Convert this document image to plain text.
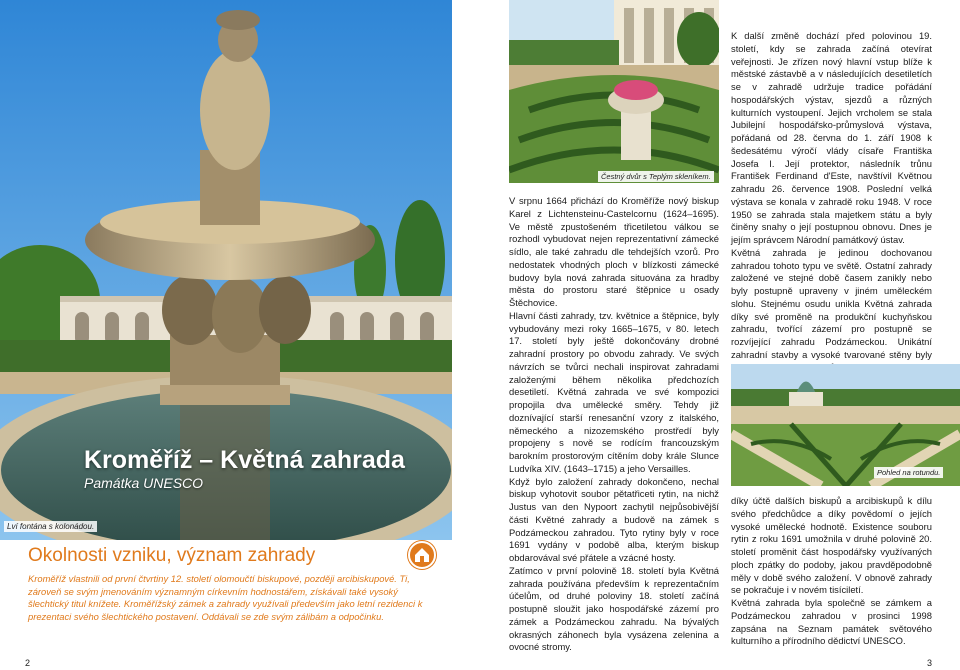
Kroměříž – Květná zahrada
Památka UNESCO
Lví fontána s kolonádou.
Okolnosti vzniku, význam zahrady
Kroměříž vlastnili od první čtvrtiny 12. století olomoučtí biskupové, později arcibiskupové. Ti, zároveň se svým jmenováním významným církevním hodnostářem, získávali také vysoký šlechtický titul knížete. Kroměřížský zámek a zahrady využívali především jako letní rezidenci k prezentaci svého šlechtického postavení. Oddávali se zde svým zálibám a odpočinku.
2
Čestný dvůr s Teplým skleníkem.

V srpnu 1664 přichází do Kroměříže nový biskup Karel z Lichtensteinu-Castelcornu (1624–1695). Ve městě zpustošeném třicetiletou válkou se rozhodl vybudovat nejen reprezentativní zámecké sídlo, ale také zahradu dle tehdejších vzorů. Pro nedostatek vhodných ploch v blízkosti zámecké budovy byla nová zahrada situována za hradby města do prostoru staré štěpnice u osady Štěchovice.

Hlavní části zahrady, tzv. květnice a štěpnice, byly vybudovány mezi roky 1665–1675, v 80. letech 17. století byly ještě dokončovány drobné zahradní prostory po obvodu zahrady. Ve svých návrzích se tvůrci nechali inspirovat zahradami založenými během několika předchozích desetiletí. Květná zahrada ve své kompozici propojila dva umělecké směry. Tehdy již doznívající starší renesanční vzory z italského, německého a nizozemského prostředí byly propojeny s nově se rodícím francouzským barokním prostorovým cítěním doby krále Slunce Ludvíka XIV. (1643–1715) a jeho Versailles.

Když bylo založení zahrady dokončeno, nechal biskup vyhotovit soubor pětatřiceti rytin, na nichž Justus van den Nypoort zachytil nejpůsobivější části Květné zahrady a budově na zámek s Podzámeckou zahradou. Tyto rytiny byly v roce 1691 vydány v podobě alba, kterým biskup obdarovával své přátele a vzácné hosty.

Zatímco v první polovině 18. století byla Květná zahrada používána především k reprezentačním účelům, od druhé poloviny 18. století začíná postupně sloužit jako hospodářské zázemí pro zámek a Podzámeckou zahradu. Na bývalých okrasných záhonech byla vysázena zelenina a ovocné stromy.

K další změně dochází před polovinou 19. století, kdy se zahrada začíná otevírat veřejnosti. Je zřízen nový hlavní vstup blíže k městské zástavbě a v následujících desetiletích se v zahradě udržuje tradice pořádání hospodářských výstav, sjezdů a různých kulturních vystoupení. Jejich vrcholem se stala Jubilejní hospodářsko-průmyslová výstava, pořádaná od 28. června do 1. září 1908 k šedesátému výročí vlády císaře Františka Josefa I. Její protektor, následník trůnu František Ferdinand d'Este, navštívil Květnou zahradu 26. července 1908. Poslední velká výstava se konala v zahradě roku 1948. V roce 1950 se zahrada stala majetkem státu a byly činěny snahy o její postupnou obnovu. Dnes je jejím správcem Národní památkový ústav.

Květná zahrada je jedinou dochovanou zahradou tohoto typu ve světě. Ostatní zahrady založené ve stejné době časem zanikly nebo byly postupně upraveny v jiném uměleckém slohu. Stejnému osudu unikla Květná zahrada díky své proměně na produkční kuchyňskou zahradu, tvořící zázemí pro postupně se rozvíjející zahradu Podzámeckou. Unikátní zahradní stavby a vysoké tvarované stěny byly

Pohled na rotundu.

díky účtě dalších biskupů a arcibiskupů k dílu svého předchůdce a díky povědomí o jejích vysoké umělecké hodnotě. Existence souboru rytin z roku 1691 umožnila v druhé polovině 20. století proměnit část hospodářsky využívaných ploch zpátky do podoby, jakou pravděpodobně měly v době svého založení. V obnově zahrady se pokračuje i v novém tisíciletí.

Květná zahrada byla společně se zámkem a Podzámeckou zahradou v prosinci 1998 zapsána na Seznam památek světového kulturního a přírodního dědictví UNESCO.

3
